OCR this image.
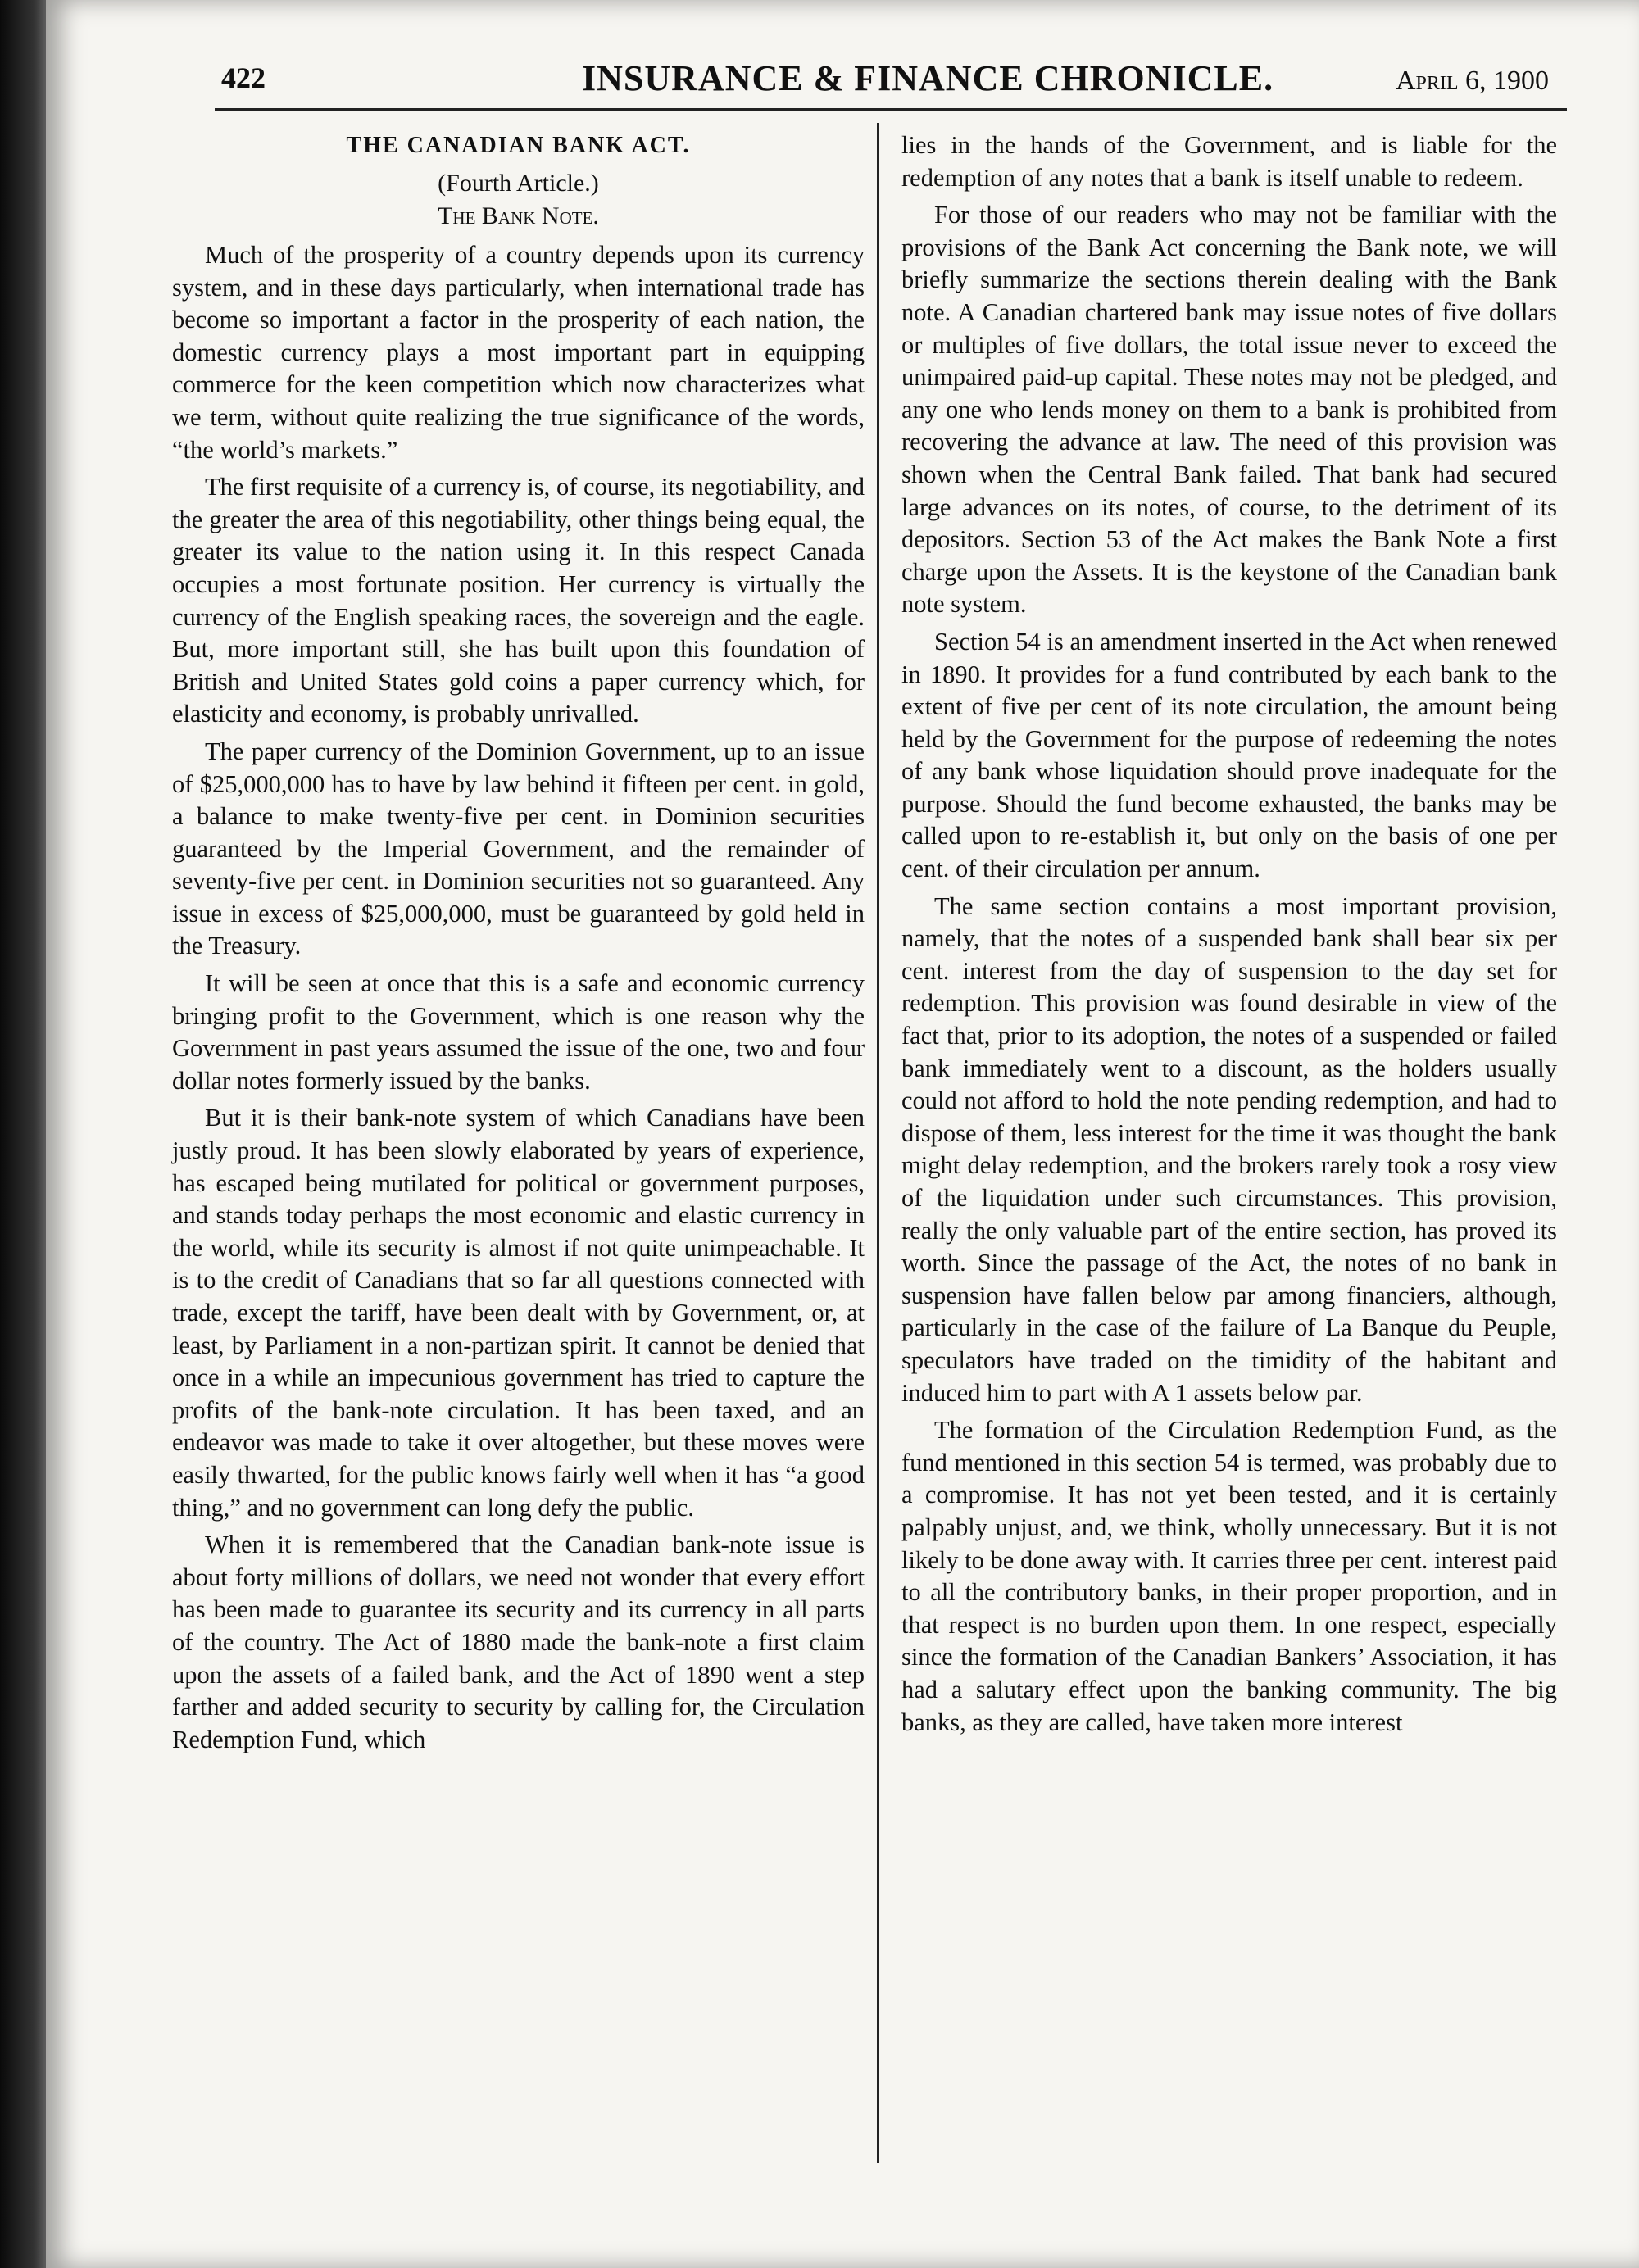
422	INSURANCE & FINANCE CHRONICLE.	April 6, 1900
THE CANADIAN BANK ACT.
(Fourth Article.)
The Bank Note.

Much of the prosperity of a country depends upon its currency system, and in these days particularly, when international trade has become so important a factor in the prosperity of each nation, the domestic currency plays a most important part in equipping commerce for the keen competition which now characterizes what we term, without quite realizing the true significance of the words, “the world’s markets.”

The first requisite of a currency is, of course, its negotiability, and the greater the area of this negotiability, other things being equal, the greater its value to the nation using it. In this respect Canada occupies a most fortunate position. Her currency is virtually the currency of the English speaking races, the sovereign and the eagle. But, more important still, she has built upon this foundation of British and United States gold coins a paper currency which, for elasticity and economy, is probably unrivalled.

The paper currency of the Dominion Government, up to an issue of $25,000,000 has to have by law behind it fifteen per cent. in gold, a balance to make twenty-five per cent. in Dominion securities guaranteed by the Imperial Government, and the remainder of seventy-five per cent. in Dominion securities not so guaranteed. Any issue in excess of $25,000,000, must be guaranteed by gold held in the Treasury.

It will be seen at once that this is a safe and economic currency bringing profit to the Government, which is one reason why the Government in past years assumed the issue of the one, two and four dollar notes formerly issued by the banks.

But it is their bank-note system of which Canadians have been justly proud. It has been slowly elaborated by years of experience, has escaped being mutilated for political or government purposes, and stands today perhaps the most economic and elastic currency in the world, while its security is almost if not quite unimpeachable. It is to the credit of Canadians that so far all questions connected with trade, except the tariff, have been dealt with by Government, or, at least, by Parliament in a non-partizan spirit. It cannot be denied that once in a while an impecunious government has tried to capture the profits of the bank-note circulation. It has been taxed, and an endeavor was made to take it over altogether, but these moves were easily thwarted, for the public knows fairly well when it has “a good thing,” and no government can long defy the public.

When it is remembered that the Canadian bank-note issue is about forty millions of dollars, we need not wonder that every effort has been made to guarantee its security and its currency in all parts of the country. The Act of 1880 made the bank-note a first claim upon the assets of a failed bank, and the Act of 1890 went a step farther and added security to security by calling for, the Circulation Redemption Fund, which

lies in the hands of the Government, and is liable for the redemption of any notes that a bank is itself unable to redeem.

For those of our readers who may not be familiar with the provisions of the Bank Act concerning the Bank note, we will briefly summarize the sections therein dealing with the Bank note. A Canadian chartered bank may issue notes of five dollars or multiples of five dollars, the total issue never to exceed the unimpaired paid-up capital. These notes may not be pledged, and any one who lends money on them to a bank is prohibited from recovering the advance at law. The need of this provision was shown when the Central Bank failed. That bank had secured large advances on its notes, of course, to the detriment of its depositors. Section 53 of the Act makes the Bank Note a first charge upon the Assets. It is the keystone of the Canadian bank note system.

Section 54 is an amendment inserted in the Act when renewed in 1890. It provides for a fund contributed by each bank to the extent of five per cent of its note circulation, the amount being held by the Government for the purpose of redeeming the notes of any bank whose liquidation should prove inadequate for the purpose. Should the fund become exhausted, the banks may be called upon to re-establish it, but only on the basis of one per cent. of their circulation per annum.

The same section contains a most important provision, namely, that the notes of a suspended bank shall bear six per cent. interest from the day of suspension to the day set for redemption. This provision was found desirable in view of the fact that, prior to its adoption, the notes of a suspended or failed bank immediately went to a discount, as the holders usually could not afford to hold the note pending redemption, and had to dispose of them, less interest for the time it was thought the bank might delay redemption, and the brokers rarely took a rosy view of the liquidation under such circumstances. This provision, really the only valuable part of the entire section, has proved its worth. Since the passage of the Act, the notes of no bank in suspension have fallen below par among financiers, although, particularly in the case of the failure of La Banque du Peuple, speculators have traded on the timidity of the habitant and induced him to part with A 1 assets below par.

The formation of the Circulation Redemption Fund, as the fund mentioned in this section 54 is termed, was probably due to a compromise. It has not yet been tested, and it is certainly palpably unjust, and, we think, wholly unnecessary. But it is not likely to be done away with. It carries three per cent. interest paid to all the contributory banks, in their proper proportion, and in that respect is no burden upon them. In one respect, especially since the formation of the Canadian Bankers’ Association, it has had a salutary effect upon the banking community. The big banks, as they are called, have taken more interest
